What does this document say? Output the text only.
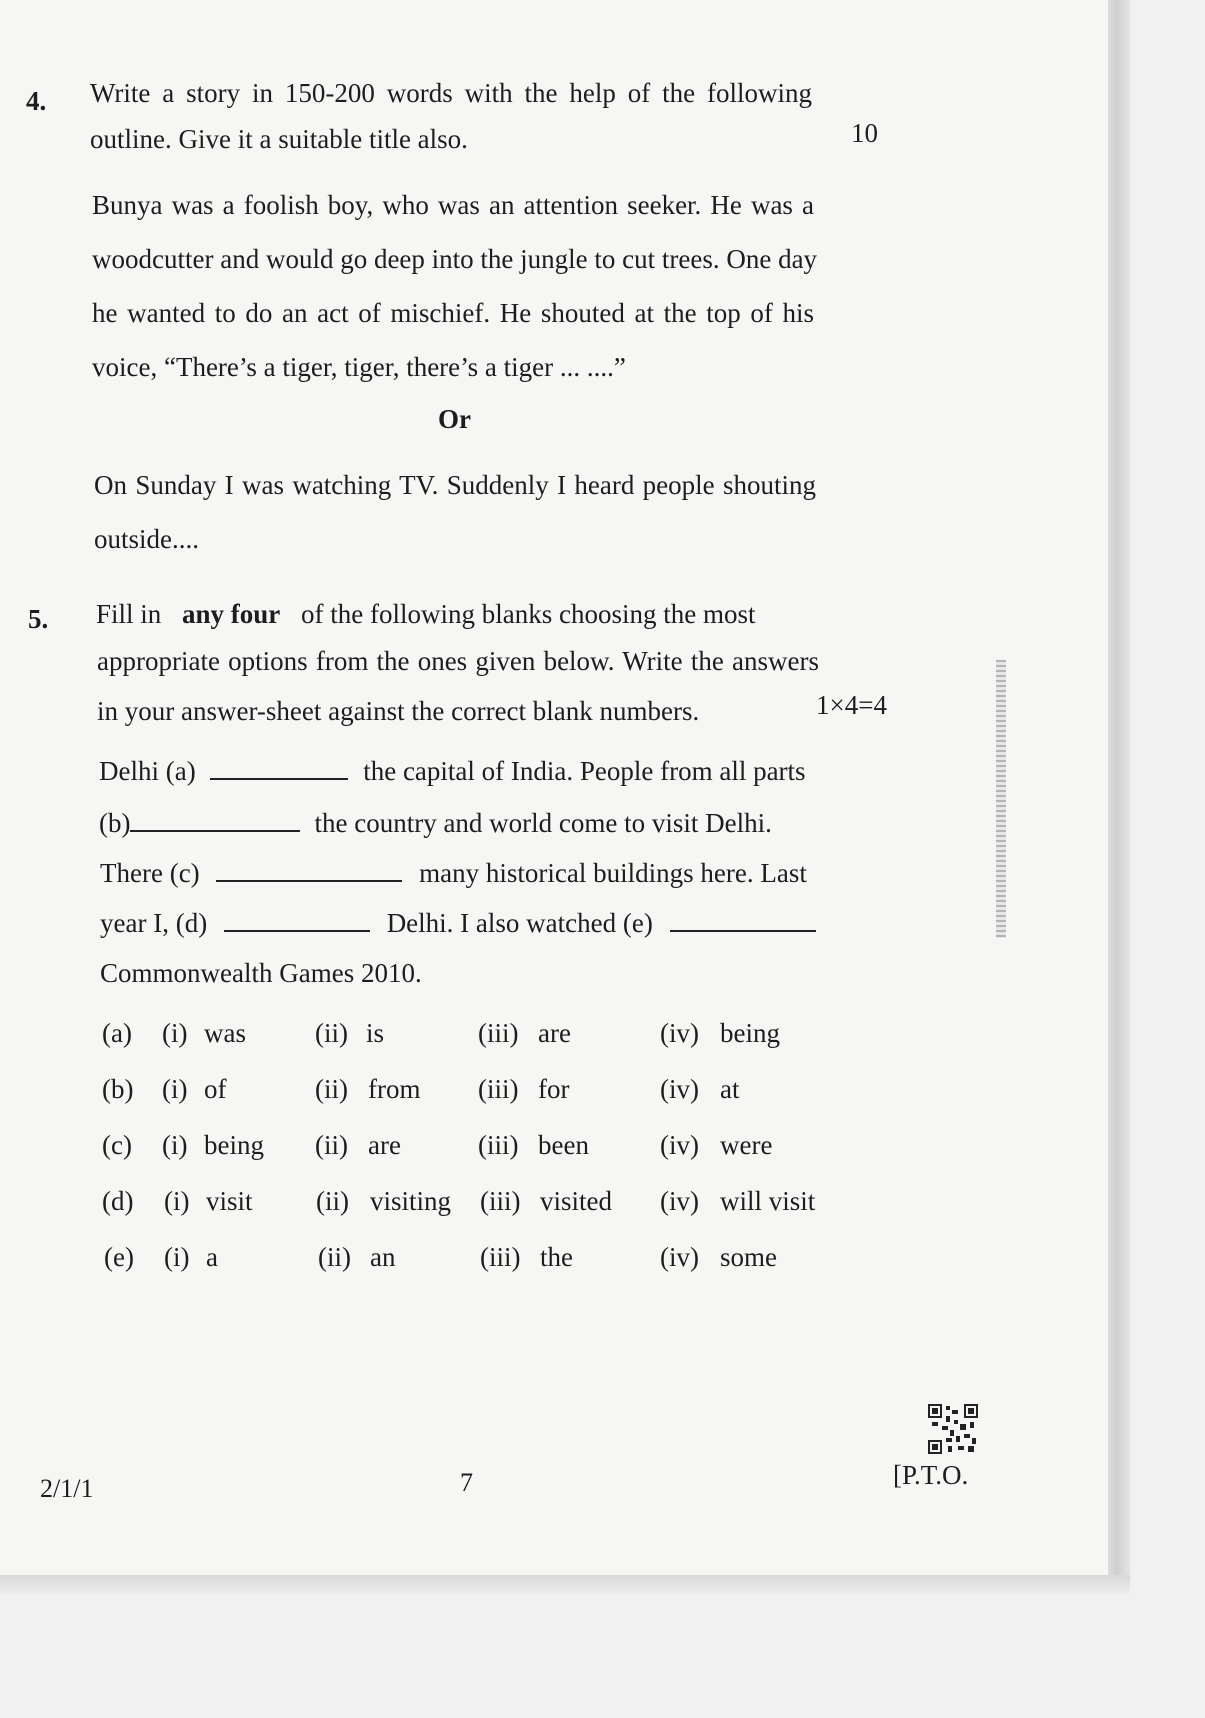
4. Write a story in 150-200 words with the help of the following
outline. Give it a suitable title also.	10
Bunya was a foolish boy, who was an attention seeker. He was a
woodcutter and would go deep into the jungle to cut trees. One day
he wanted to do an act of mischief. He shouted at the top of his
voice, “There’s a tiger, tiger, there’s a tiger ... ....”
Or
On Sunday I was watching TV. Suddenly I heard people shouting
outside....
5. Fill in any four of the following blanks choosing the most
appropriate options from the ones given below. Write the answers
in your answer-sheet against the correct blank numbers.	1×4=4
Delhi (a)	the capital of India. People from all parts
(b)	the country and world come to visit Delhi.
There (c)	many historical buildings here. Last
year I, (d)	Delhi. I also watched (e)
Commonwealth Games 2010.
(a) (i) was	(ii) is	(iii) are	(iv) being
(b) (i) of	(ii) from (iii) for	(iv) at
(c) (i) being (ii) are	(iii) been	(iv) were
(d) (i) visit (ii) visiting (iii) visited (iv) will visit
(e) (i) a	(ii) an	(iii) the	(iv) some
2/1/1	7	[P.T.O.
